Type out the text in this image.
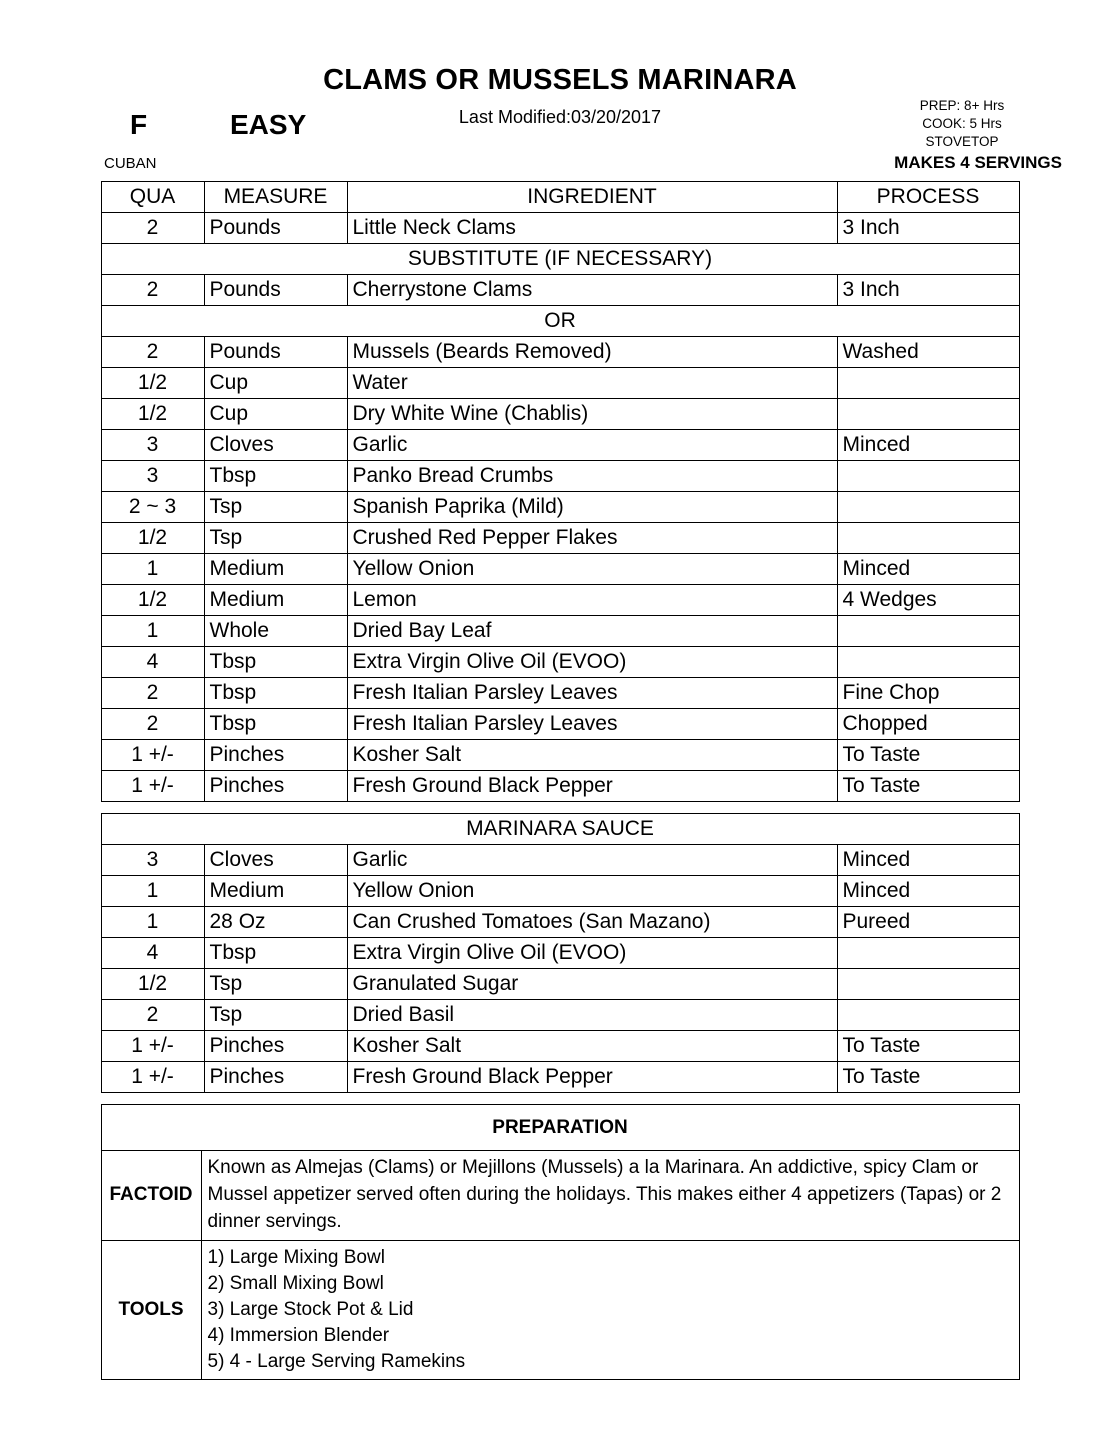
CLAMS OR MUSSELS MARINARA
F	EASY	Last Modified:03/20/2017
PREP: 8+ Hrs
COOK: 5 Hrs
STOVETOP
CUBAN	MAKES 4 SERVINGS
QUA	MEASURE	INGREDIENT	PROCESS
2	Pounds	Little Neck Clams	3 Inch
SUBSTITUTE (IF NECESSARY)			
2	Pounds	Cherrystone Clams	3 Inch
OR			
2	Pounds	Mussels (Beards Removed)	Washed
1/2	Cup	Water	
1/2	Cup	Dry White Wine (Chablis)	
3	Cloves	Garlic	Minced
3	Tbsp	Panko Bread Crumbs	
2 ~ 3	Tsp	Spanish Paprika (Mild)	
1/2	Tsp	Crushed Red Pepper Flakes	
1	Medium	Yellow Onion	Minced
1/2	Medium	Lemon	4 Wedges
1	Whole	Dried Bay Leaf	
4	Tbsp	Extra Virgin Olive Oil (EVOO)	
2	Tbsp	Fresh Italian Parsley Leaves	Fine Chop
2	Tbsp	Fresh Italian Parsley Leaves	Chopped
1 +/-	Pinches	Kosher Salt	To Taste
1 +/-	Pinches	Fresh Ground Black Pepper	To Taste
MARINARA SAUCE			
3	Cloves	Garlic	Minced
1	Medium	Yellow Onion	Minced
1	28 Oz	Can Crushed Tomatoes (San Mazano)	Pureed
4	Tbsp	Extra Virgin Olive Oil (EVOO)	
1/2	Tsp	Granulated Sugar	
2	Tsp	Dried Basil	
1 +/-	Pinches	Kosher Salt	To Taste
1 +/-	Pinches	Fresh Ground Black Pepper	To Taste
PREPARATION	
FACTOID	Known as Almejas (Clams) or Mejillons (Mussels) a la Marinara. An addictive, spicy Clam or Mussel appetizer served often during the holidays. This makes either 4 appetizers (Tapas) or 2 dinner servings.
TOOLS	1) Large Mixing Bowl
2) Small Mixing Bowl
3) Large Stock Pot & Lid
4) Immersion Blender
5) 4 - Large Serving Ramekins
